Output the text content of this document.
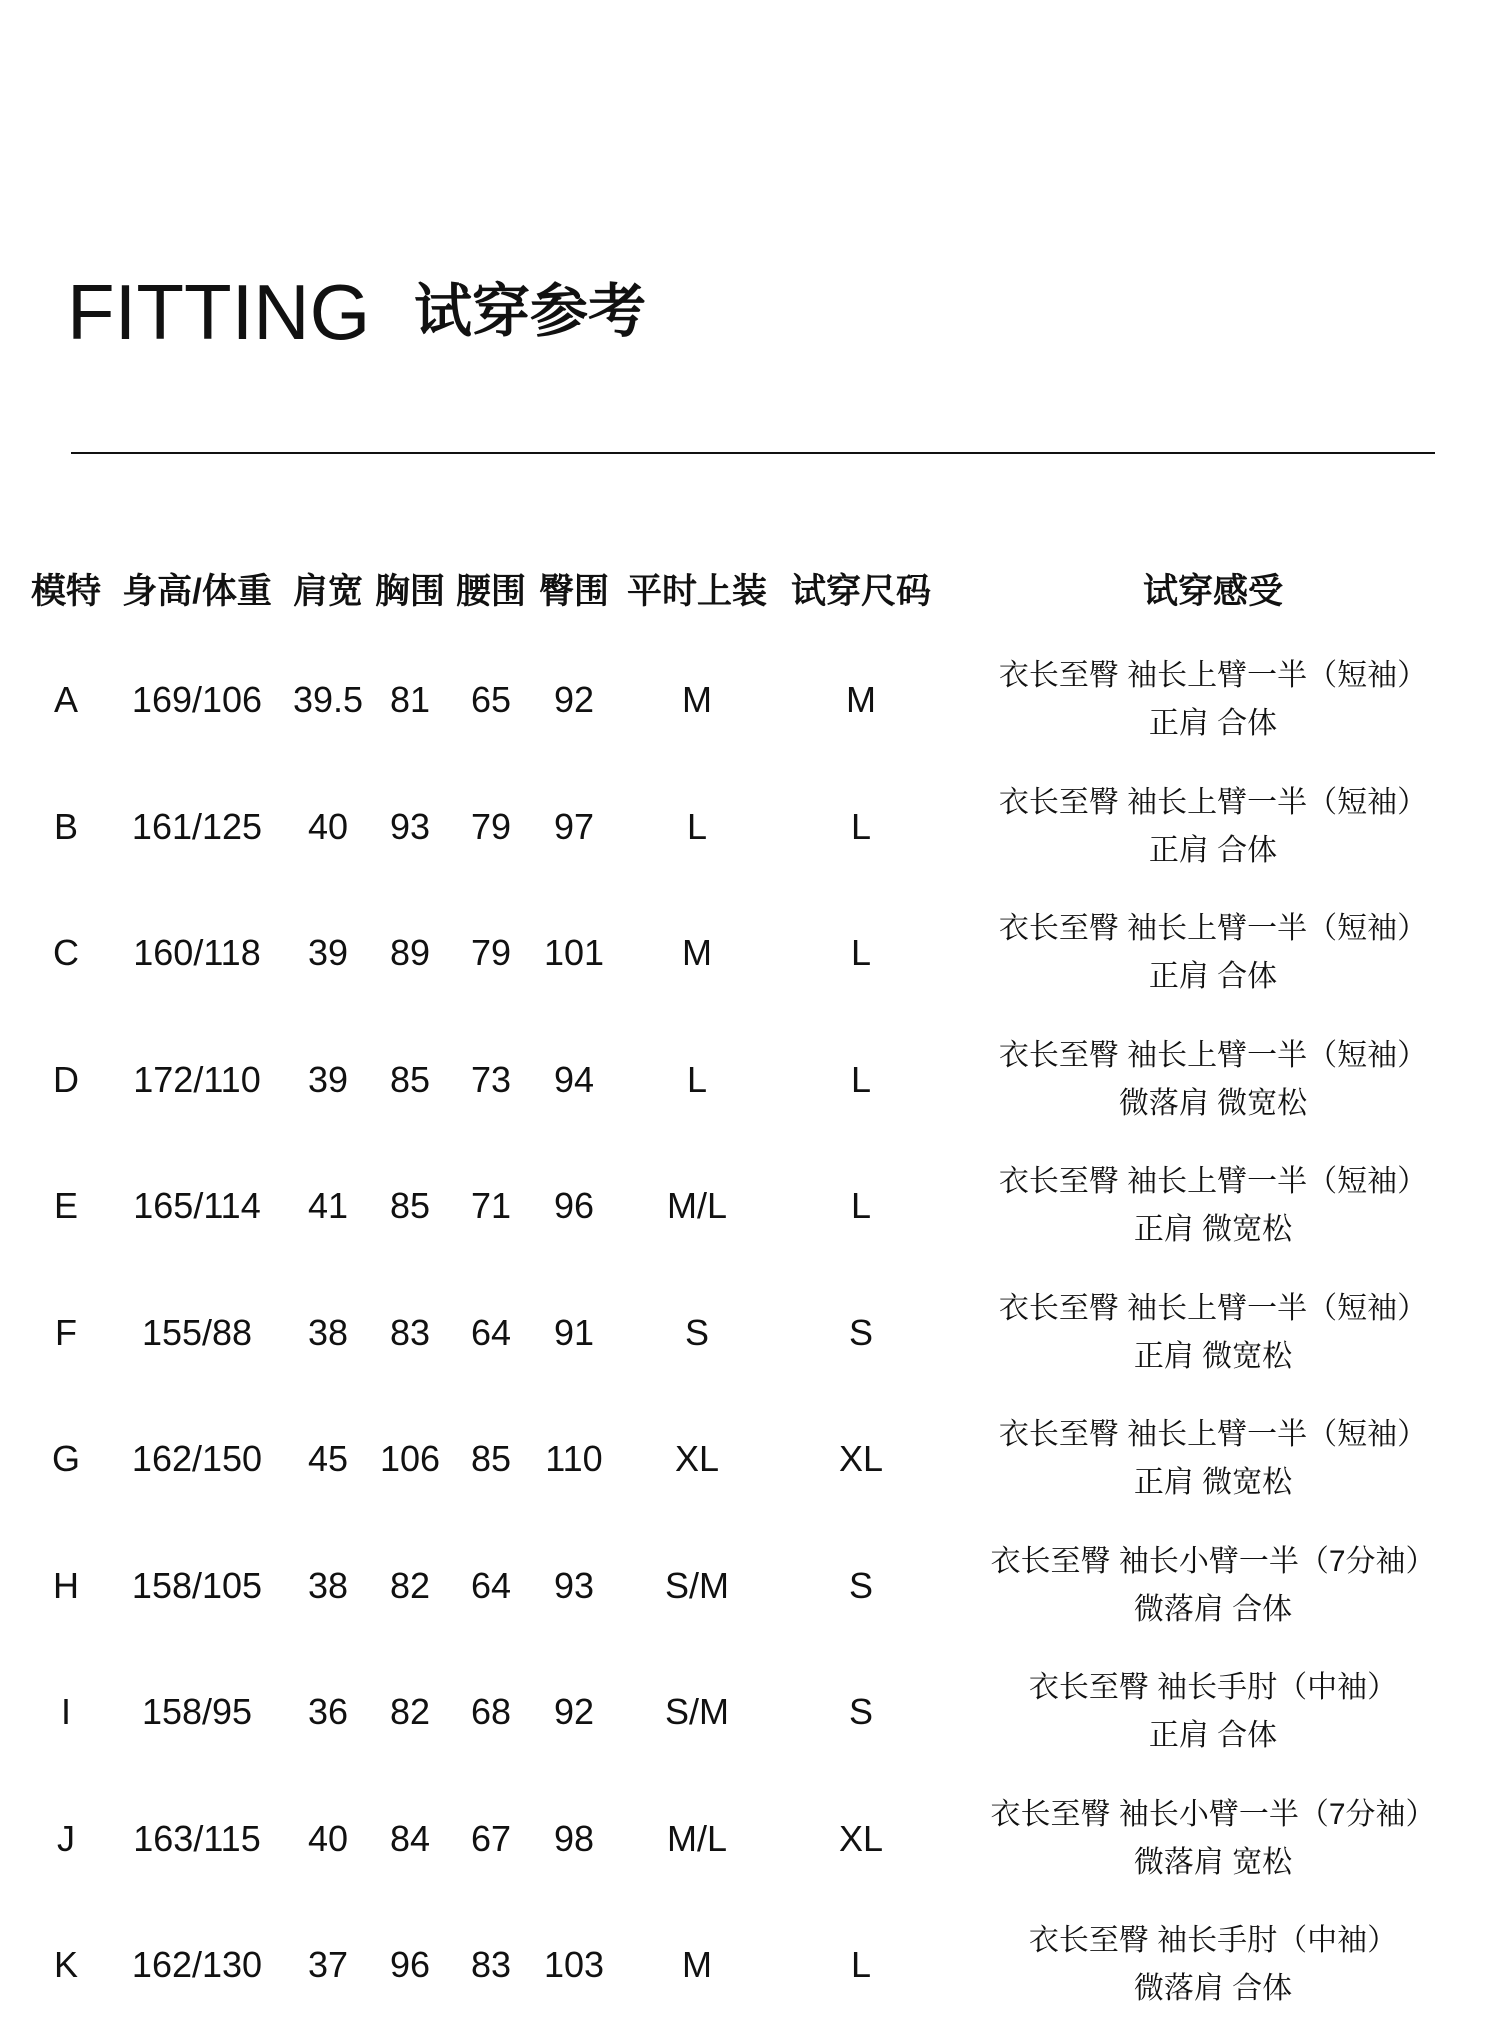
FITTING 试穿参考
模特 身高/体重 肩宽 胸围 腰围 臀围 平时上装 试穿尺码	试穿感受
A 169/106 39.5 81 65 92 M	M
衣长至臀 袖长上臂一半（短袖）
正肩 合体
B 161/125 40 93 79 97	L	L
衣长至臀 袖长上臂一半（短袖）
正肩 合体
C 160/118 39 89 79 101 M	L
衣长至臀 袖长上臂一半（短袖）
正肩 合体
D 172/110 39 85 73 94	L	L
衣长至臀 袖长上臂一半（短袖）
微落肩 微宽松
E 165/114 41 85 71 96 M/L	L
衣长至臀 袖长上臂一半（短袖）
正肩 微宽松
F 155/88 38 83 64 91	S	S
衣长至臀 袖长上臂一半（短袖）
正肩 微宽松
G 162/150 45 106 85 110 XL	XL
衣长至臀 袖长上臂一半（短袖）
正肩 微宽松
H 158/105 38 82 64 93 S/M	S
衣长至臀 袖长小臂一半（7分袖）
微落肩 合体
I 158/95 36 82 68 92 S/M	S
衣长至臀 袖长手肘（中袖）
正肩 合体
J 163/115 40 84 67 98 M/L	XL
衣长至臀 袖长小臂一半（7分袖）
微落肩 宽松
K 162/130 37 96 83 103 M	L
衣长至臀 袖长手肘（中袖）
微落肩 合体
